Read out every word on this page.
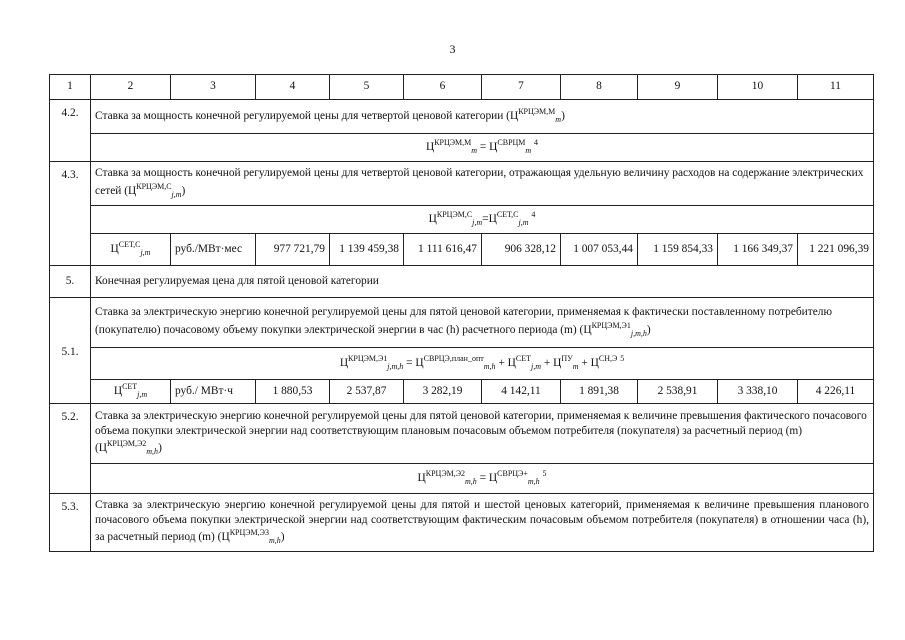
3
1	2	3	4	5	6	7	8	9	10	11
4.2.	Ставка за мощность конечной регулируемой цены для четвертой ценовой категории $(Ц^{КРЦЭМ,М}_m)$									
	$Ц^{КРЦЭМ,М}_m = Ц^{СВРЦМ}_m$ $^4$
4.3.	Ставка за мощность конечной регулируемой цены для четвертой ценовой категории, отражающая удельную величину расходов на содержание электрических сетей $(Ц^{КРЦЭМ,С}_{j,m})$									
	$Ц^{КРЦЭМ,С}_{j,m}=Ц^{СЕТ,С}_{j,m}$ $^4$
	$Ц^{СЕТ,С}_{j,m}$	руб./МВт·мес	977 721,79	1 139 459,38	1 111 616,47	906 328,12	1 007 053,44	1 159 854,33	1 166 349,37	1 221 096,39
5.	Конечная регулируемая цена для пятой ценовой категории									
5.1.	Ставка за электрическую энергию конечной регулируемой цены для пятой ценовой категории, применяемая к фактически поставленному потребителю (покупателю) почасовому объему покупки электрической энергии в час (h) расчетного периода (m) $(Ц^{КРЦЭМ,Э1}_{j,m,h})$									
	$Ц^{КРЦЭМ,Э1}_{j,m,h} = Ц^{СВРЦЭ,план\_опт}_{m,h} + Ц^{СЕТ}_{j,m} + Ц^{ПУ}_m + Ц^{СН,Э}$ $^5$
	$Ц^{СЕТ}_{j,m}$	руб./ МВт·ч	1 880,53	2 537,87	3 282,19	4 142,11	1 891,38	2 538,91	3 338,10	4 226,11
5.2.	Ставка за электрическую энергию конечной регулируемой цены для пятой ценовой категории, применяемая к величине превышения фактического почасового объема покупки электрической энергии над соответствующим плановым почасовым объемом потребителя (покупателя) за расчетный период (m) $(Ц^{КРЦЭМ,Э2}_{m,h})$									
	$Ц^{КРЦЭМ,Э2}_{m,h} = Ц^{СВРЦЭ+}_{m,h}$ $^5$
5.3.	Ставка за электрическую энергию конечной регулируемой цены для пятой и шестой ценовых категорий, применяемая к величине превышения планового почасового объема покупки электрической энергии над соответствующим фактическим почасовым объемом потребителя (покупателя) в отношении часа (h), за расчетный период (m) $(Ц^{КРЦЭМ,Э3}_{m,h})$									
